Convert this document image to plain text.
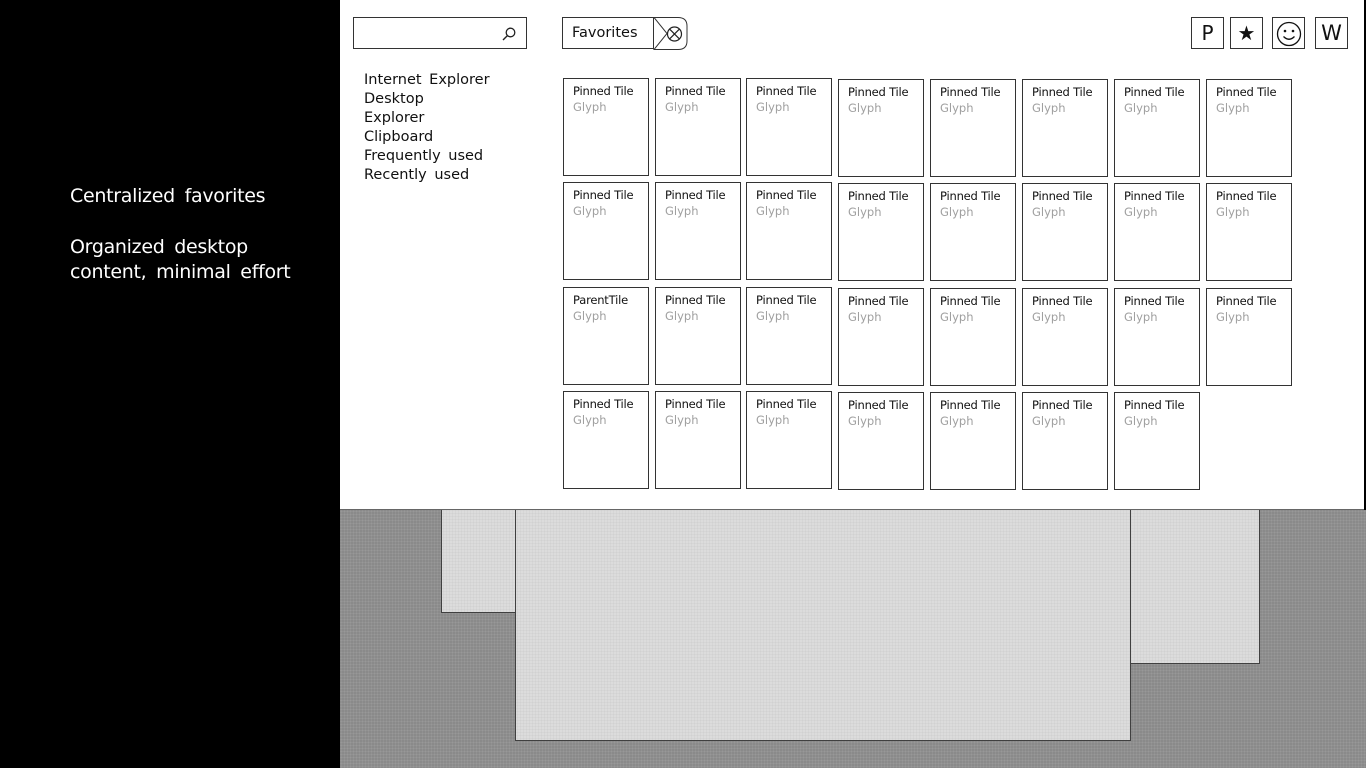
Centralized favorites
Organized desktop
content, minimal effort
Favorites	P	★	W
Internet Explorer
Desktop
Explorer
Clipboard
Frequently used
Recently used
Pinned Tile
Glyph
Pinned Tile
Glyph
Pinned Tile
Glyph
Pinned Tile
Glyph
Pinned Tile
Glyph
Pinned Tile
Glyph
Pinned Tile
Glyph
Pinned Tile
Glyph
Pinned Tile
Glyph
Pinned Tile
Glyph
Pinned Tile
Glyph
Pinned Tile
Glyph
Pinned Tile
Glyph
Pinned Tile
Glyph
Pinned Tile
Glyph
Pinned Tile
Glyph
ParentTile
Glyph
Pinned Tile
Glyph
Pinned Tile
Glyph
Pinned Tile
Glyph
Pinned Tile
Glyph
Pinned Tile
Glyph
Pinned Tile
Glyph
Pinned Tile
Glyph
Pinned Tile
Glyph
Pinned Tile
Glyph
Pinned Tile
Glyph
Pinned Tile
Glyph
Pinned Tile
Glyph
Pinned Tile
Glyph
Pinned Tile
Glyph
